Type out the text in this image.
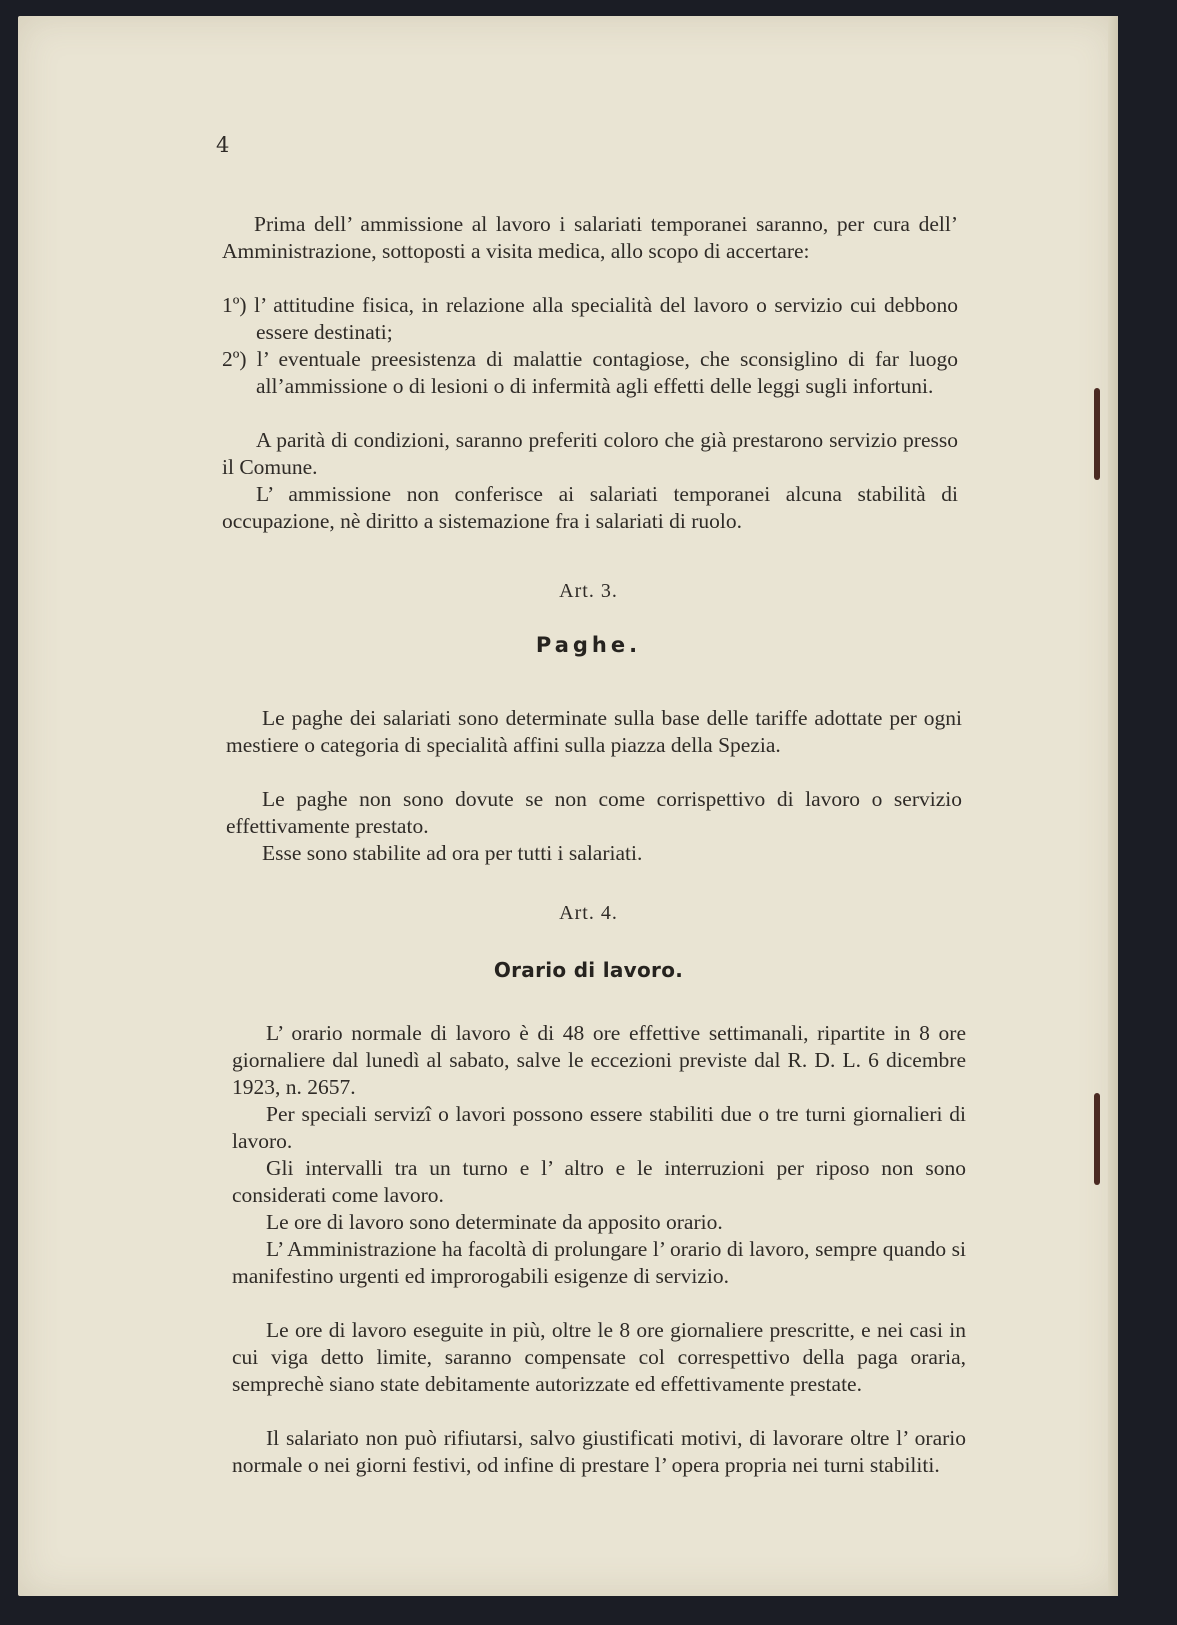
4
Prima dell’ ammissione al lavoro i salariati temporanei saranno, per cura dell’ Amministrazione, sottoposti a visita medica, allo scopo di accertare:
1º) l’ attitudine fisica, in relazione alla specialità del lavoro o servizio cui debbono essere destinati;
2º) l’ eventuale preesistenza di malattie contagiose, che sconsiglino di far luogo all’ammissione o di lesioni o di infermità agli effetti delle leggi sugli infortuni.
A parità di condizioni, saranno preferiti coloro che già prestarono servizio presso il Comune.
L’ ammissione non conferisce ai salariati temporanei alcuna stabilità di occupazione, nè diritto a sistemazione fra i salariati di ruolo.
Art. 3.
Paghe.
Le paghe dei salariati sono determinate sulla base delle tariffe adottate per ogni mestiere o categoria di specialità affini sulla piazza della Spezia.
Le paghe non sono dovute se non come corrispettivo di lavoro o servizio effettivamente prestato.
Esse sono stabilite ad ora per tutti i salariati.
Art. 4.
Orario di lavoro.
L’ orario normale di lavoro è di 48 ore effettive settimanali, ripartite in 8 ore giornaliere dal lunedì al sabato, salve le eccezioni previste dal R. D. L. 6 dicembre 1923, n. 2657.
Per speciali servizî o lavori possono essere stabiliti due o tre turni giornalieri di lavoro.
Gli intervalli tra un turno e l’ altro e le interruzioni per riposo non sono considerati come lavoro.
Le ore di lavoro sono determinate da apposito orario.
L’ Amministrazione ha facoltà di prolungare l’ orario di lavoro, sempre quando si manifestino urgenti ed improrogabili esigenze di servizio.
Le ore di lavoro eseguite in più, oltre le 8 ore giornaliere prescritte, e nei casi in cui viga detto limite, saranno compensate col correspettivo della paga oraria, semprechè siano state debitamente autorizzate ed effettivamente prestate.
Il salariato non può rifiutarsi, salvo giustificati motivi, di lavorare oltre l’ orario normale o nei giorni festivi, od infine di prestare l’ opera propria nei turni stabiliti.
